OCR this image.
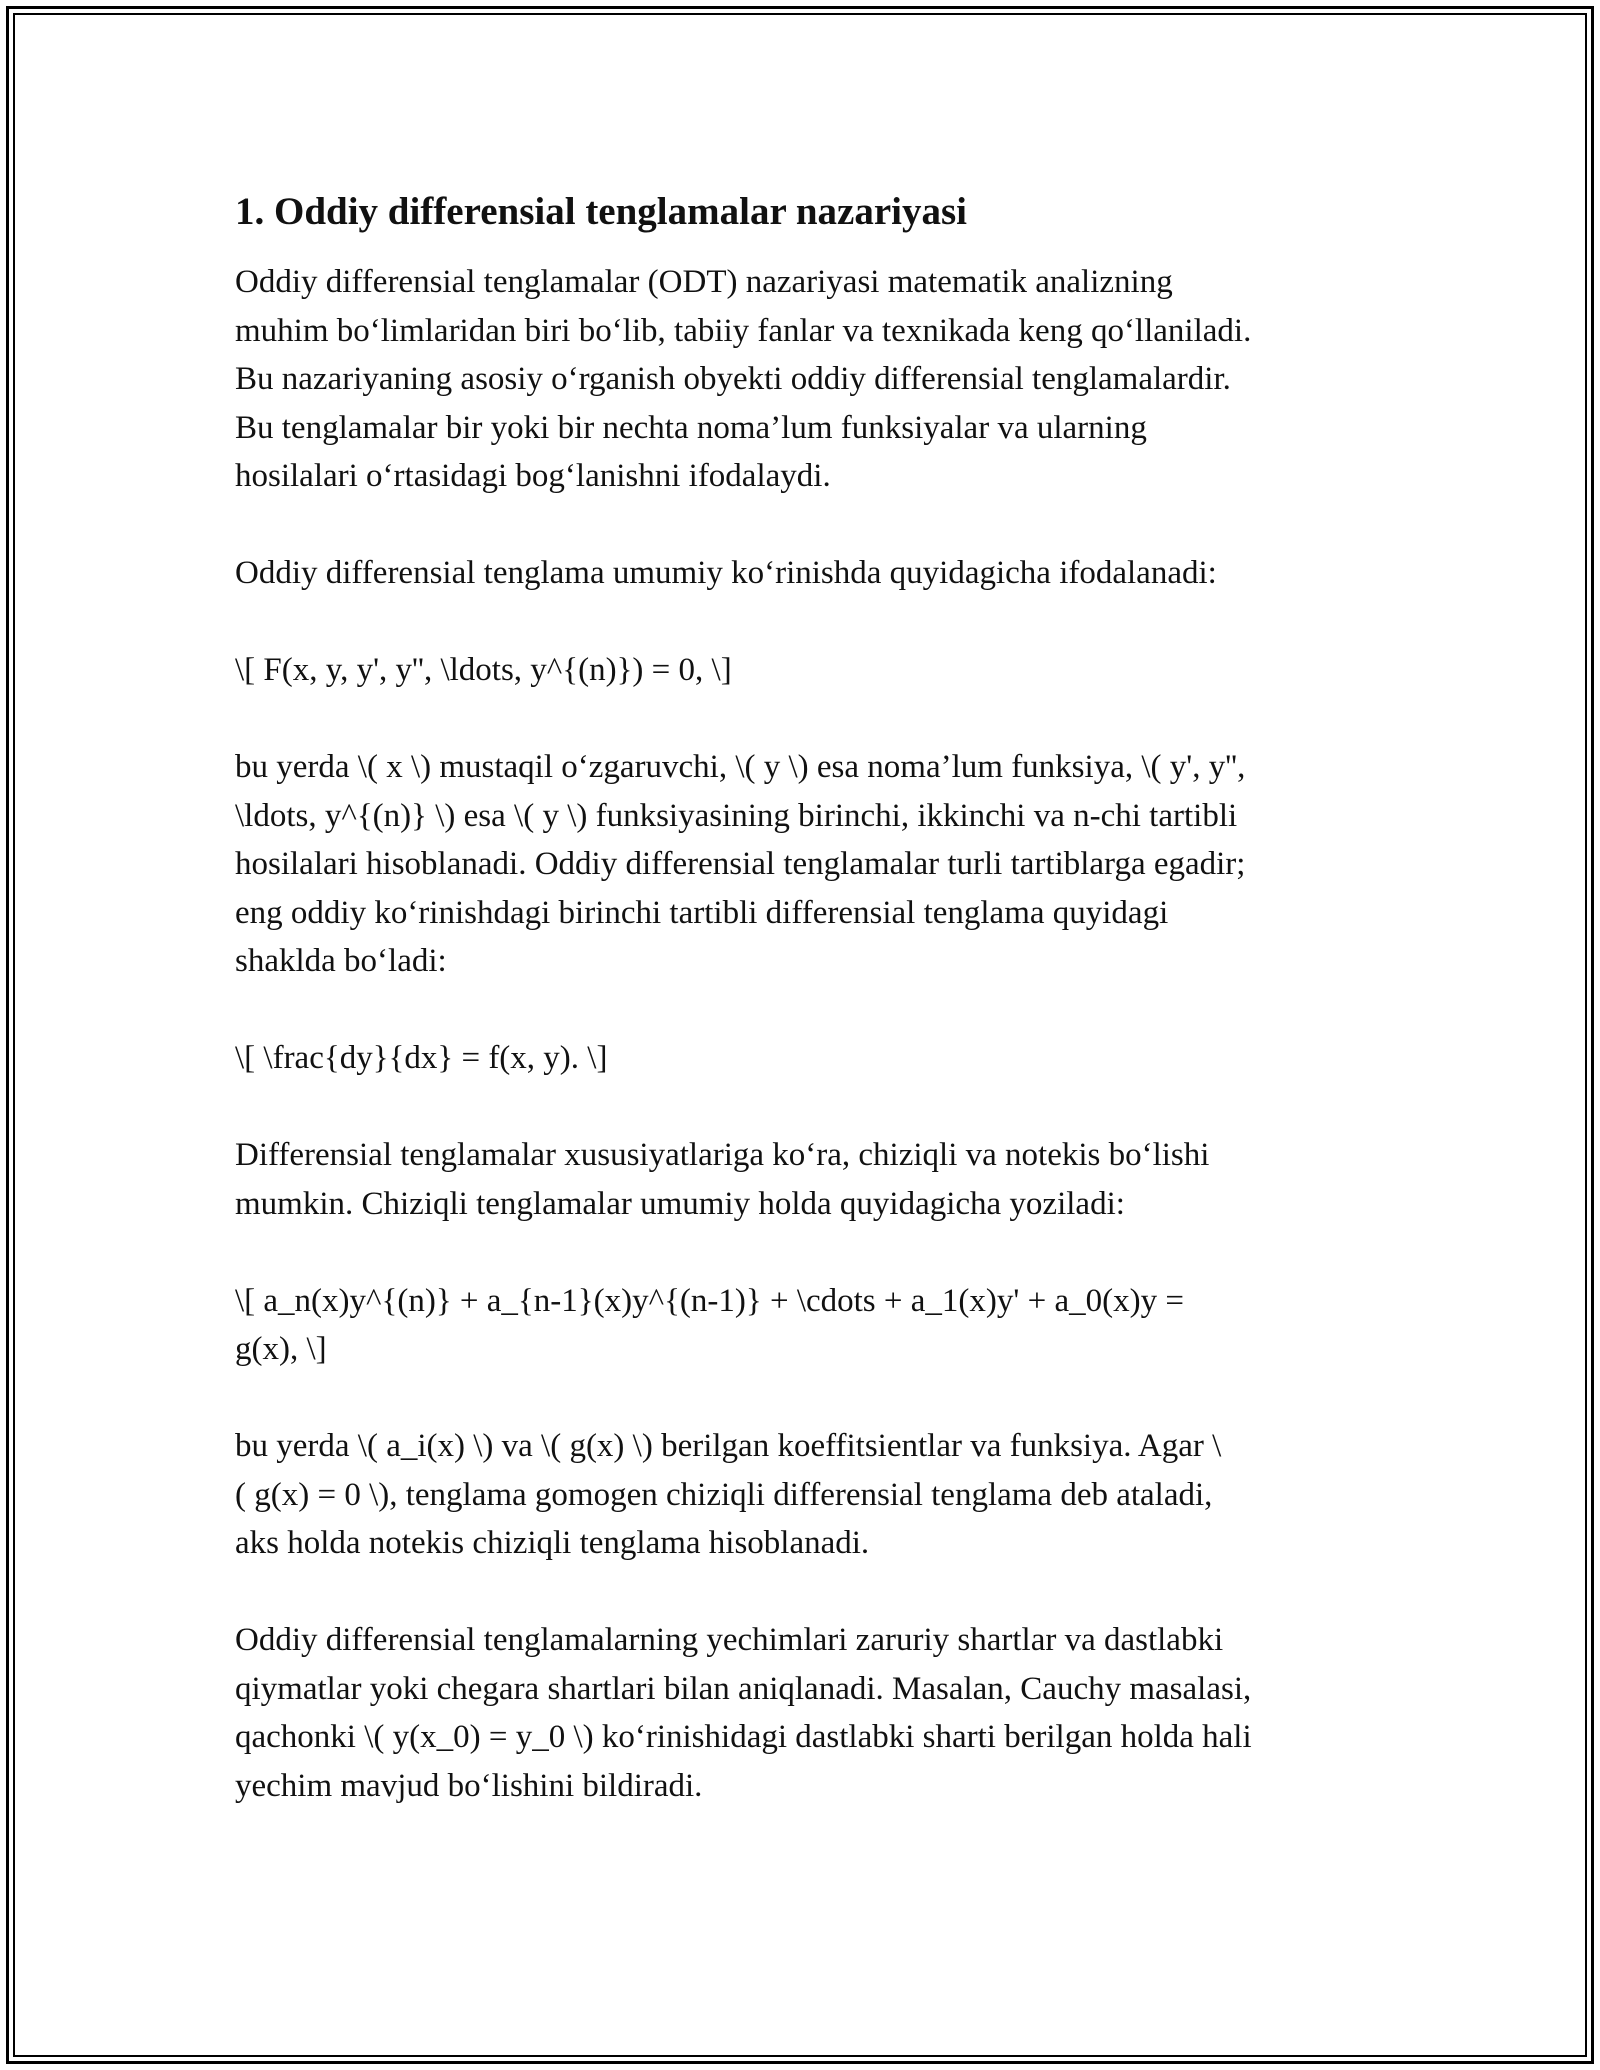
1. Oddiy differensial tenglamalar nazariyasi

Oddiy differensial tenglamalar (ODT) nazariyasi matematik analizning
muhim bo‘limlaridan biri bo‘lib, tabiiy fanlar va texnikada keng qo‘llaniladi.
Bu nazariyaning asosiy o‘rganish obyekti oddiy differensial tenglamalardir.
Bu tenglamalar bir yoki bir nechta noma’lum funksiyalar va ularning
hosilalari o‘rtasidagi bog‘lanishni ifodalaydi.

Oddiy differensial tenglama umumiy ko‘rinishda quyidagicha ifodalanadi:

\[ F(x, y, y', y'', \ldots, y^{(n)}) = 0, \]

bu yerda \( x \) mustaqil o‘zgaruvchi, \( y \) esa noma’lum funksiya, \( y', y'',
\ldots, y^{(n)} \) esa \( y \) funksiyasining birinchi, ikkinchi va n-chi tartibli
hosilalari hisoblanadi. Oddiy differensial tenglamalar turli tartiblarga egadir;
eng oddiy ko‘rinishdagi birinchi tartibli differensial tenglama quyidagi
shaklda bo‘ladi:

\[ \frac{dy}{dx} = f(x, y). \]

Differensial tenglamalar xususiyatlariga ko‘ra, chiziqli va notekis bo‘lishi
mumkin. Chiziqli tenglamalar umumiy holda quyidagicha yoziladi:

\[ a_n(x)y^{(n)} + a_{n-1}(x)y^{(n-1)} + \cdots + a_1(x)y' + a_0(x)y =
g(x), \]

bu yerda \( a_i(x) \) va \( g(x) \) berilgan koeffitsientlar va funksiya. Agar \
( g(x) = 0 \), tenglama gomogen chiziqli differensial tenglama deb ataladi,
aks holda notekis chiziqli tenglama hisoblanadi.

Oddiy differensial tenglamalarning yechimlari zaruriy shartlar va dastlabki
qiymatlar yoki chegara shartlari bilan aniqlanadi. Masalan, Cauchy masalasi,
qachonki \( y(x_0) = y_0 \) ko‘rinishidagi dastlabki sharti berilgan holda hali
yechim mavjud bo‘lishini bildiradi.
